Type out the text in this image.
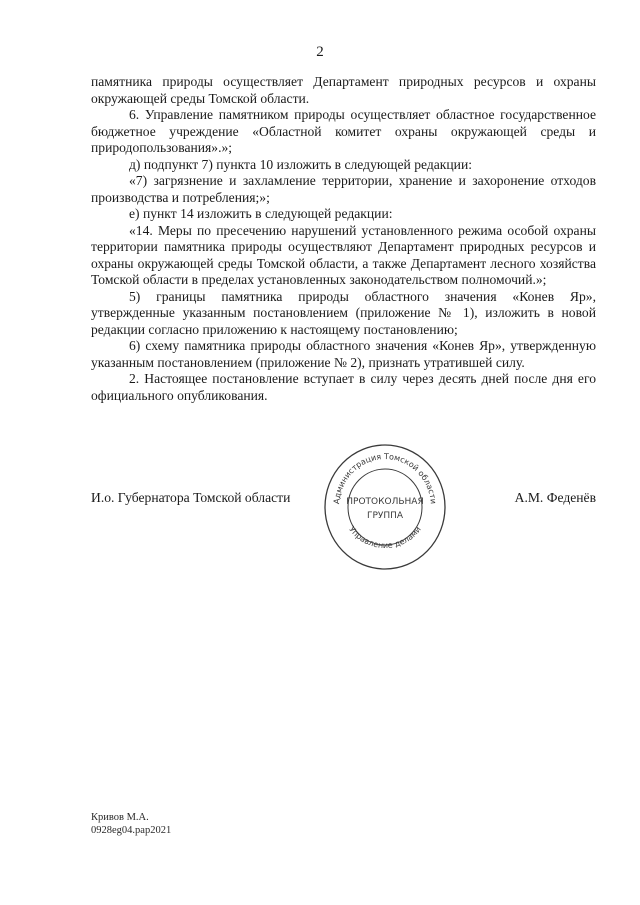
2

памятника природы осуществляет Департамент природных ресурсов и охраны окружающей среды Томской области.

6. Управление памятником природы осуществляет областное государственное бюджетное учреждение «Областной комитет охраны окружающей среды и природопользования».»;

д) подпункт 7) пункта 10 изложить в следующей редакции:

«7) загрязнение и захламление территории, хранение и захоронение отходов производства и потребления;»;

е) пункт 14 изложить в следующей редакции:

«14. Меры по пресечению нарушений установленного режима особой охраны территории памятника природы осуществляют Департамент природных ресурсов и охраны окружающей среды Томской области, а также Департамент лесного хозяйства Томской области в пределах установленных законодательством полномочий.»;

5) границы памятника природы областного значения «Конев Яр», утвержденные указанным постановлением (приложение № 1), изложить в новой редакции согласно приложению к настоящему постановлению;

6) схему памятника природы областного значения «Конев Яр», утвержденную указанным постановлением (приложение № 2), признать утратившей силу.

2. Настоящее постановление вступает в силу через десять дней после дня его официального опубликования.

И.о. Губернатора Томской области	А.М. Феденёв
Администрация Томской области
Управление делами
ПРОТОКОЛЬНАЯ
ГРУППА
Кривов М.А.
0928eg04.pap2021
